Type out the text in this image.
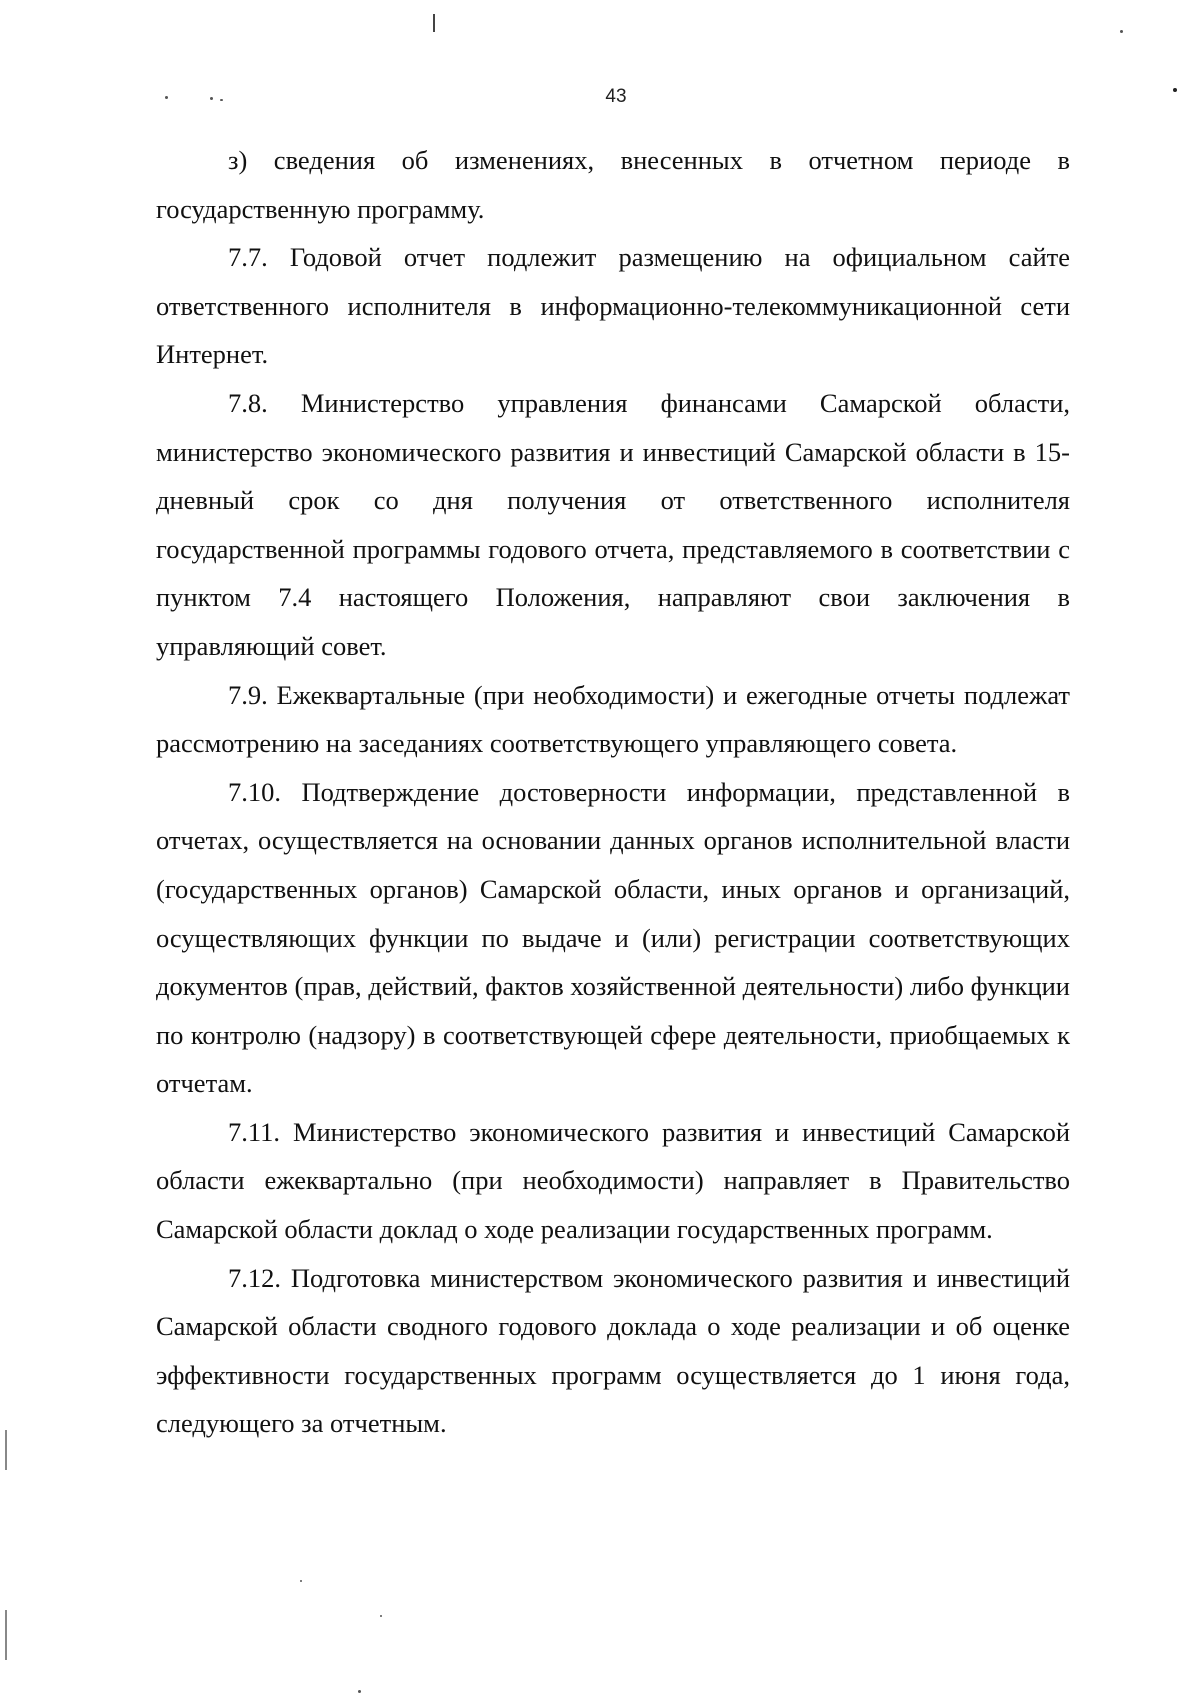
43

з) сведения об изменениях, внесенных в отчетном периоде в государственную программу.

7.7. Годовой отчет подлежит размещению на официальном сайте ответственного исполнителя в информационно-телекоммуникационной сети Интернет.

7.8. Министерство управления финансами Самарской области, министерство экономического развития и инвестиций Самарской области в 15-дневный срок со дня получения от ответственного исполнителя государственной программы годового отчета, представляемого в соответствии с пунктом 7.4 настоящего Положения, направляют свои заключения в управляющий совет.

7.9. Ежеквартальные (при необходимости) и ежегодные отчеты подлежат рассмотрению на заседаниях соответствующего управляющего совета.

7.10. Подтверждение достоверности информации, представленной в отчетах, осуществляется на основании данных органов исполнительной власти (государственных органов) Самарской области, иных органов и организаций, осуществляющих функции по выдаче и (или) регистрации соответствующих документов (прав, действий, фактов хозяйственной деятельности) либо функции по контролю (надзору) в соответствующей сфере деятельности, приобщаемых к отчетам.

7.11. Министерство экономического развития и инвестиций Самарской области ежеквартально (при необходимости) направляет в Правительство Самарской области доклад о ходе реализации государственных программ.

7.12. Подготовка министерством экономического развития и инвестиций Самарской области сводного годового доклада о ходе реализации и об оценке эффективности государственных программ осуществляется до 1 июня года, следующего за отчетным.
